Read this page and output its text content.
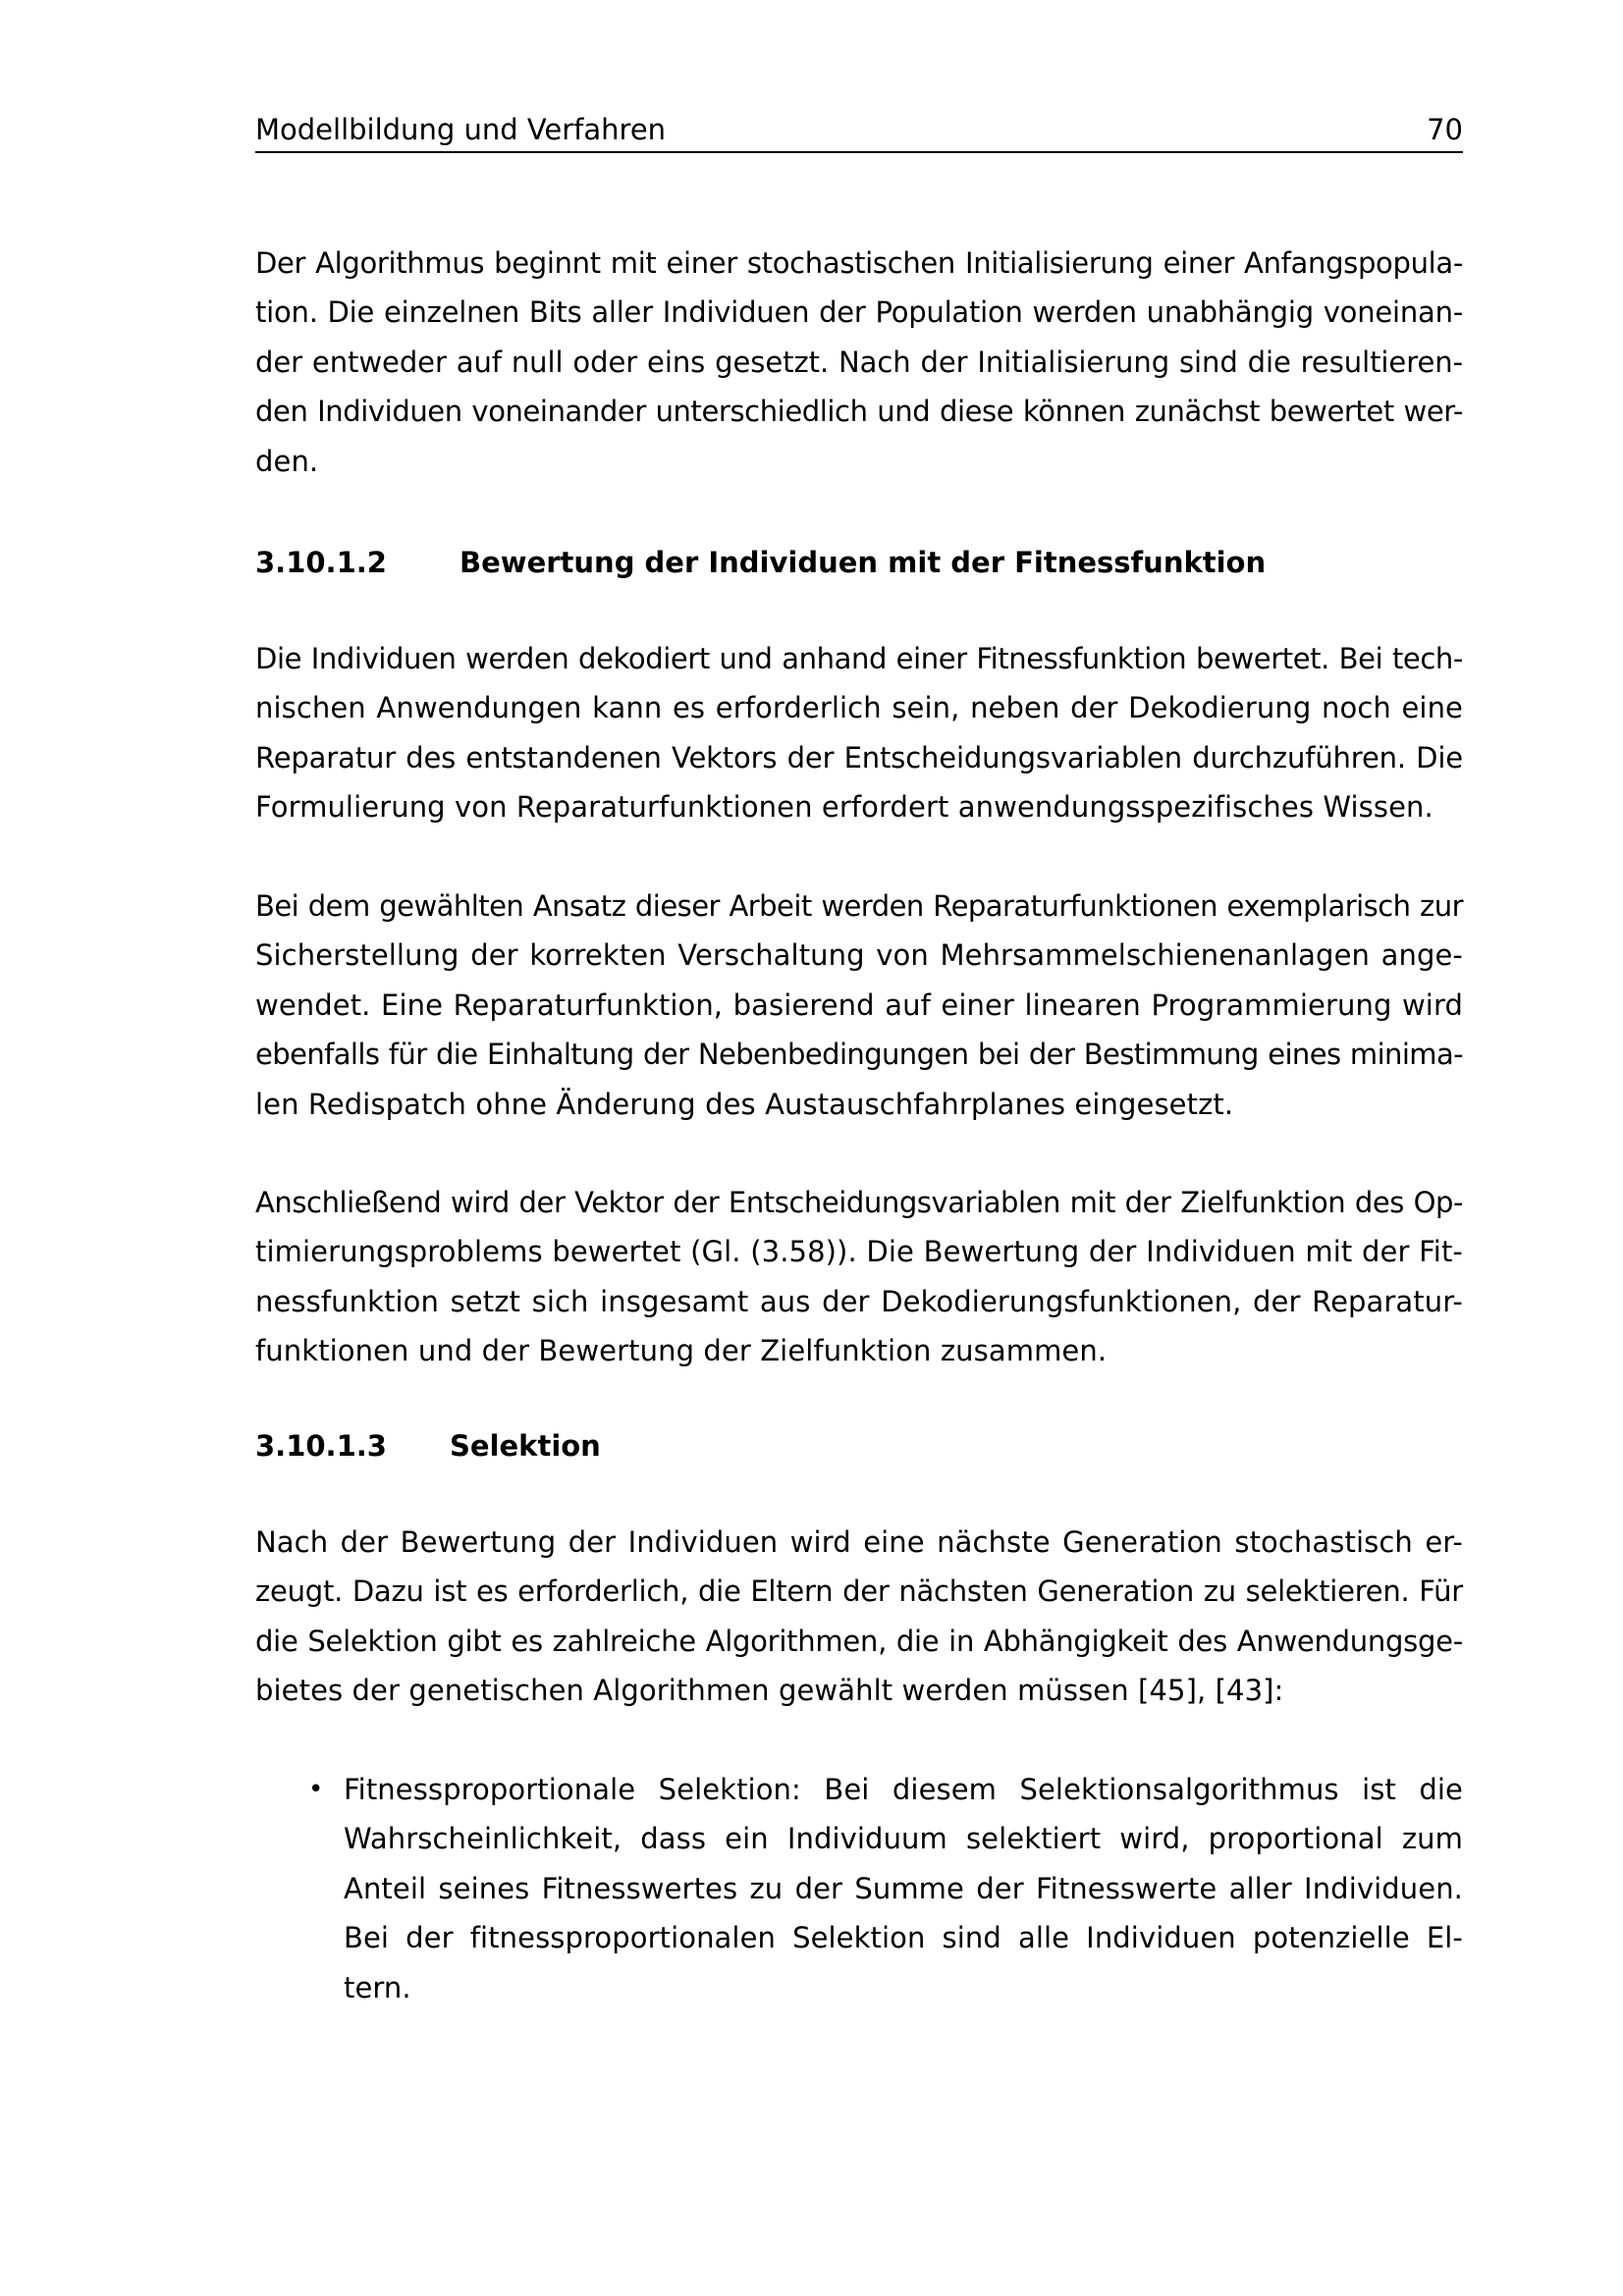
Modellbildung und Verfahren	70

Der Algorithmus beginnt mit einer stochastischen Initialisierung einer Anfangspopula-
tion. Die einzelnen Bits aller Individuen der Population werden unabhängig voneinan-
der entweder auf null oder eins gesetzt. Nach der Initialisierung sind die resultieren-
den Individuen voneinander unterschiedlich und diese können zunächst bewertet wer-
den.

3.10.1.2	Bewertung der Individuen mit der Fitnessfunktion

Die Individuen werden dekodiert und anhand einer Fitnessfunktion bewertet. Bei tech-
nischen Anwendungen kann es erforderlich sein, neben der Dekodierung noch eine
Reparatur des entstandenen Vektors der Entscheidungsvariablen durchzuführen. Die
Formulierung von Reparaturfunktionen erfordert anwendungsspezifisches Wissen.

Bei dem gewählten Ansatz dieser Arbeit werden Reparaturfunktionen exemplarisch zur
Sicherstellung der korrekten Verschaltung von Mehrsammelschienenanlagen ange-
wendet. Eine Reparaturfunktion, basierend auf einer linearen Programmierung wird
ebenfalls für die Einhaltung der Nebenbedingungen bei der Bestimmung eines minima-
len Redispatch ohne Änderung des Austauschfahrplanes eingesetzt.

Anschließend wird der Vektor der Entscheidungsvariablen mit der Zielfunktion des Op-
timierungsproblems bewertet (Gl. (3.58)). Die Bewertung der Individuen mit der Fit-
nessfunktion setzt sich insgesamt aus der Dekodierungsfunktionen, der Reparatur-
funktionen und der Bewertung der Zielfunktion zusammen.

3.10.1.3 Selektion

Nach der Bewertung der Individuen wird eine nächste Generation stochastisch er-
zeugt. Dazu ist es erforderlich, die Eltern der nächsten Generation zu selektieren. Für
die Selektion gibt es zahlreiche Algorithmen, die in Abhängigkeit des Anwendungsge-
bietes der genetischen Algorithmen gewählt werden müssen [45], [43]:

• Fitnessproportionale Selektion: Bei diesem Selektionsalgorithmus ist die
Wahrscheinlichkeit, dass ein Individuum selektiert wird, proportional zum
Anteil seines Fitnesswertes zu der Summe der Fitnesswerte aller Individuen.
Bei der fitnessproportionalen Selektion sind alle Individuen potenzielle El-
tern.
